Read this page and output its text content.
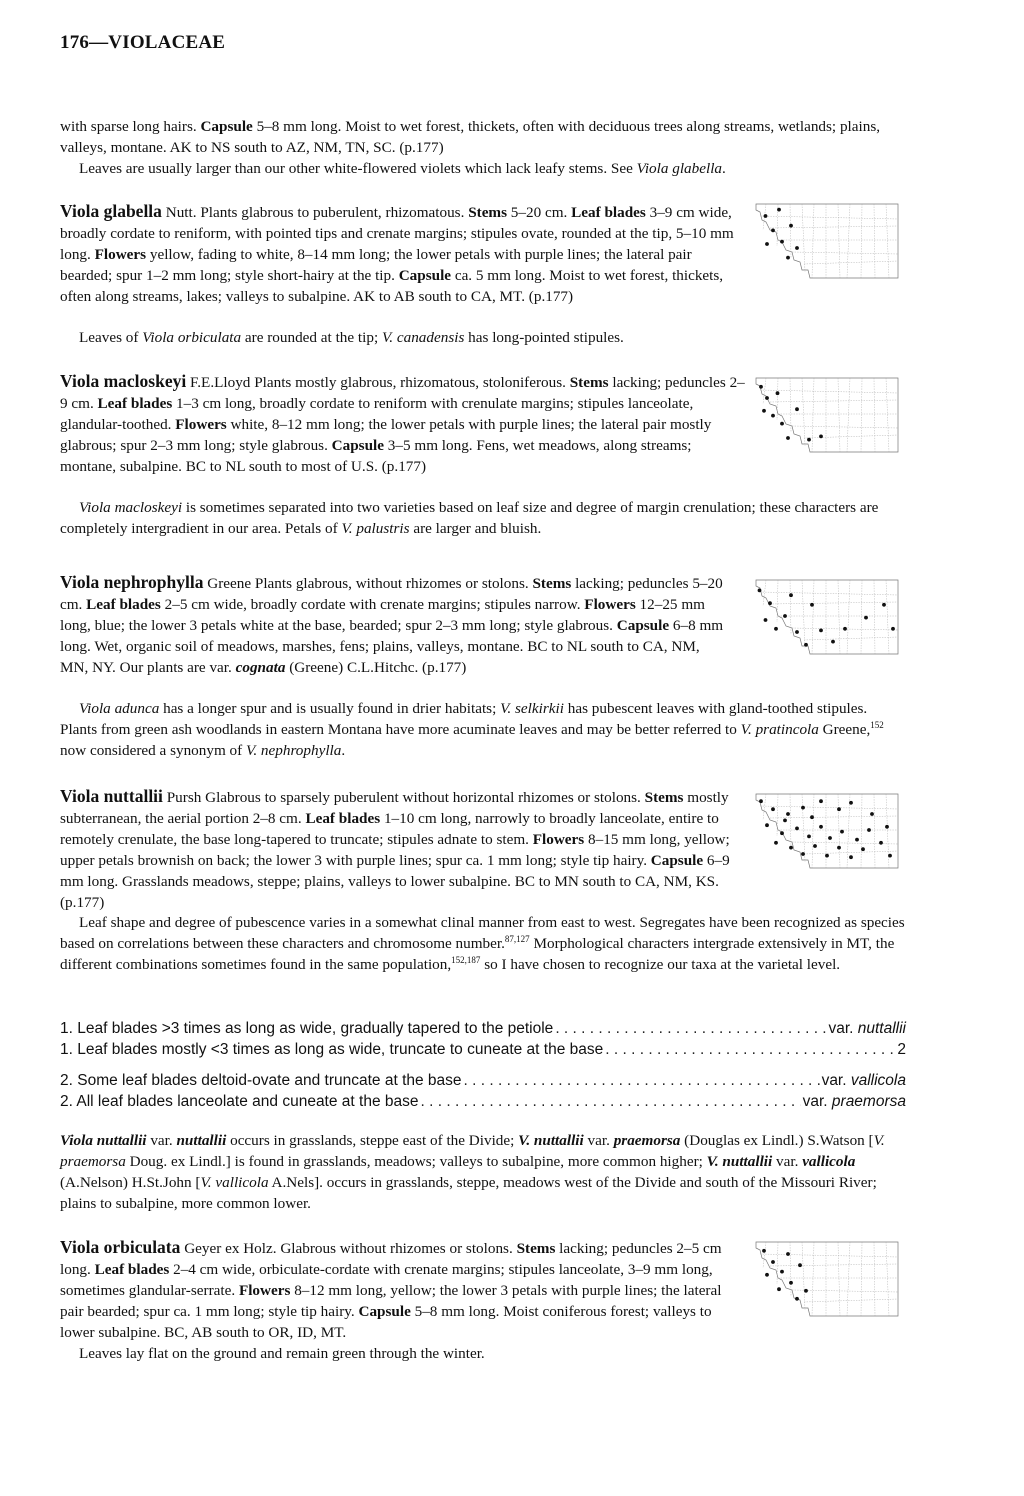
176—VIOLACEAE

with sparse long hairs. Capsule 5–8 mm long. Moist to wet forest, thickets, often with deciduous trees along streams, wetlands; plains, valleys, montane. AK to NS south to AZ, NM, TN, SC. (p.177)

Leaves are usually larger than our other white-flowered violets which lack leafy stems. See Viola glabella.

Viola glabella Nutt. Plants glabrous to puberulent, rhizomatous. Stems 5–20 cm. Leaf blades 3–9 cm wide, broadly cordate to reniform, with pointed tips and crenate margins; stipules ovate, rounded at the tip, 5–10 mm long. Flowers yellow, fading to white, 8–14 mm long; the lower petals with purple lines; the lateral pair bearded; spur 1–2 mm long; style short-hairy at the tip. Capsule ca. 5 mm long. Moist to wet forest, thickets, often along streams, lakes; valleys to subalpine. AK to AB south to CA, MT. (p.177)

Leaves of Viola orbiculata are rounded at the tip; V. canadensis has long-pointed stipules.

Viola macloskeyi F.E.Lloyd Plants mostly glabrous, rhizomatous, stoloniferous. Stems lacking; peduncles 2–9 cm. Leaf blades 1–3 cm long, broadly cordate to reniform with crenulate margins; stipules lanceolate, glandular-toothed. Flowers white, 8–12 mm long; the lower petals with purple lines; the lateral pair mostly glabrous; spur 2–3 mm long; style glabrous. Capsule 3–5 mm long. Fens, wet meadows, along streams; montane, subalpine. BC to NL south to most of U.S. (p.177)

Viola macloskeyi is sometimes separated into two varieties based on leaf size and degree of margin crenulation; these characters are completely intergradient in our area. Petals of V. palustris are larger and bluish.

Viola nephrophylla Greene Plants glabrous, without rhizomes or stolons. Stems lacking; peduncles 5–20 cm. Leaf blades 2–5 cm wide, broadly cordate with crenate margins; stipules narrow. Flowers 12–25 mm long, blue; the lower 3 petals white at the base, bearded; spur 2–3 mm long; style glabrous. Capsule 6–8 mm long. Wet, organic soil of meadows, marshes, fens; plains, valleys, montane. BC to NL south to CA, NM, MN, NY. Our plants are var. cognata (Greene) C.L.Hitchc. (p.177)

Viola adunca has a longer spur and is usually found in drier habitats; V. selkirkii has pubescent leaves with gland-toothed stipules. Plants from green ash woodlands in eastern Montana have more acuminate leaves and may be better referred to V. pratincola Greene,$^{152}$ now considered a synonym of V. nephrophylla.

Viola nuttallii Pursh Glabrous to sparsely puberulent without horizontal rhizomes or stolons. Stems mostly subterranean, the aerial portion 2–8 cm. Leaf blades 1–10 cm long, narrowly to broadly lanceolate, entire to remotely crenulate, the base long-tapered to truncate; stipules adnate to stem. Flowers 8–15 mm long, yellow; upper petals brownish on back; the lower 3 with purple lines; spur ca. 1 mm long; style tip hairy. Capsule 6–9 mm long. Grasslands meadows, steppe; plains, valleys to lower subalpine. BC to MN south to CA, NM, KS. (p.177)

Leaf shape and degree of pubescence varies in a somewhat clinal manner from east to west. Segregates have been recognized as species based on correlations between these characters and chromosome number.$^{87,127}$ Morphological characters intergrade extensively in MT, the different combinations sometimes found in the same population,$^{152,187}$ so I have chosen to recognize our taxa at the varietal level.

1. Leaf blades >3 times as long as wide, gradually tapered to the petiole . . .	var. nuttallii
1. Leaf blades mostly <3 times as long as wide, truncate to cuneate at the base . . .	2
2. Some leaf blades deltoid-ovate and truncate at the base . . .	var. vallicola
2. All leaf blades lanceolate and cuneate at the base . . .	var. praemorsa

Viola nuttallii var. nuttallii occurs in grasslands, steppe east of the Divide; V. nuttallii var. praemorsa (Douglas ex Lindl.) S.Watson [V. praemorsa Doug. ex Lindl.] is found in grasslands, meadows; valleys to subalpine, more common higher; V. nuttallii var. vallicola (A.Nelson) H.St.John [V. vallicola A.Nels]. occurs in grasslands, steppe, meadows west of the Divide and south of the Missouri River; plains to subalpine, more common lower.

Viola orbiculata Geyer ex Holz. Glabrous without rhizomes or stolons. Stems lacking; peduncles 2–5 cm long. Leaf blades 2–4 cm wide, orbiculate-cordate with crenate margins; stipules lanceolate, 3–9 mm long, sometimes glandular-serrate. Flowers 8–12 mm long, yellow; the lower 3 petals with purple lines; the lateral pair bearded; spur ca. 1 mm long; style tip hairy. Capsule 5–8 mm long. Moist coniferous forest; valleys to lower subalpine. BC, AB south to OR, ID, MT.

Leaves lay flat on the ground and remain green through the winter.
